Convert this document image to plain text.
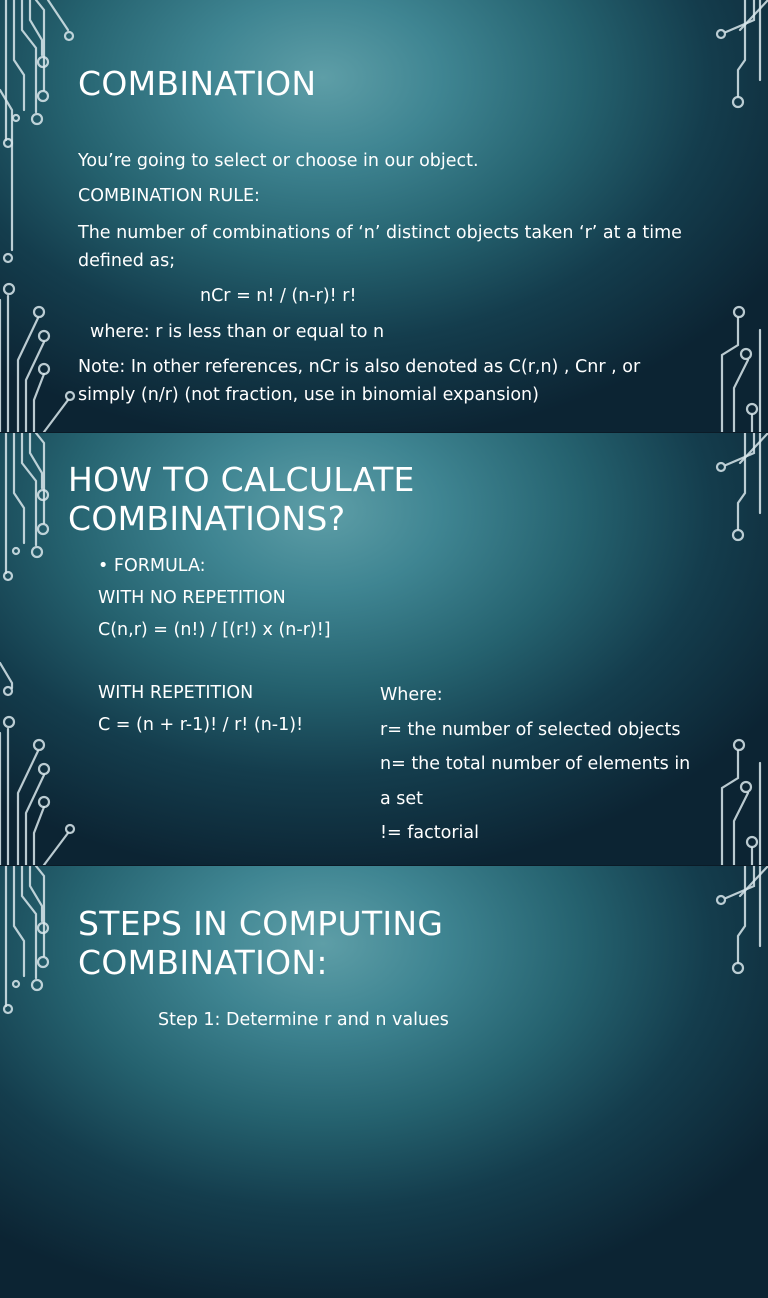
COMBINATION

You’re going to select or choose in our object.

COMBINATION RULE:

The number of combinations of ‘n’ distinct objects taken ‘r’ at a time defined as;

nCr = n! / (n-r)! r!

where: r is less than or equal to n

Note: In other references, nCr is also denoted as C(r,n) , Cnr , or simply (n/r) (not fraction, use in binomial expansion)

HOW TO CALCULATE COMBINATIONS?

• FORMULA:

WITH NO REPETITION

C(n,r) = (n!) / [(r!) x (n-r)!]

WITH REPETITION

C = (n + r-1)! / r! (n-1)!

Where:

r= the number of selected objects

n= the total number of elements in

a set

!= factorial

STEPS IN COMPUTING COMBINATION:

Step 1: Determine r and n values
